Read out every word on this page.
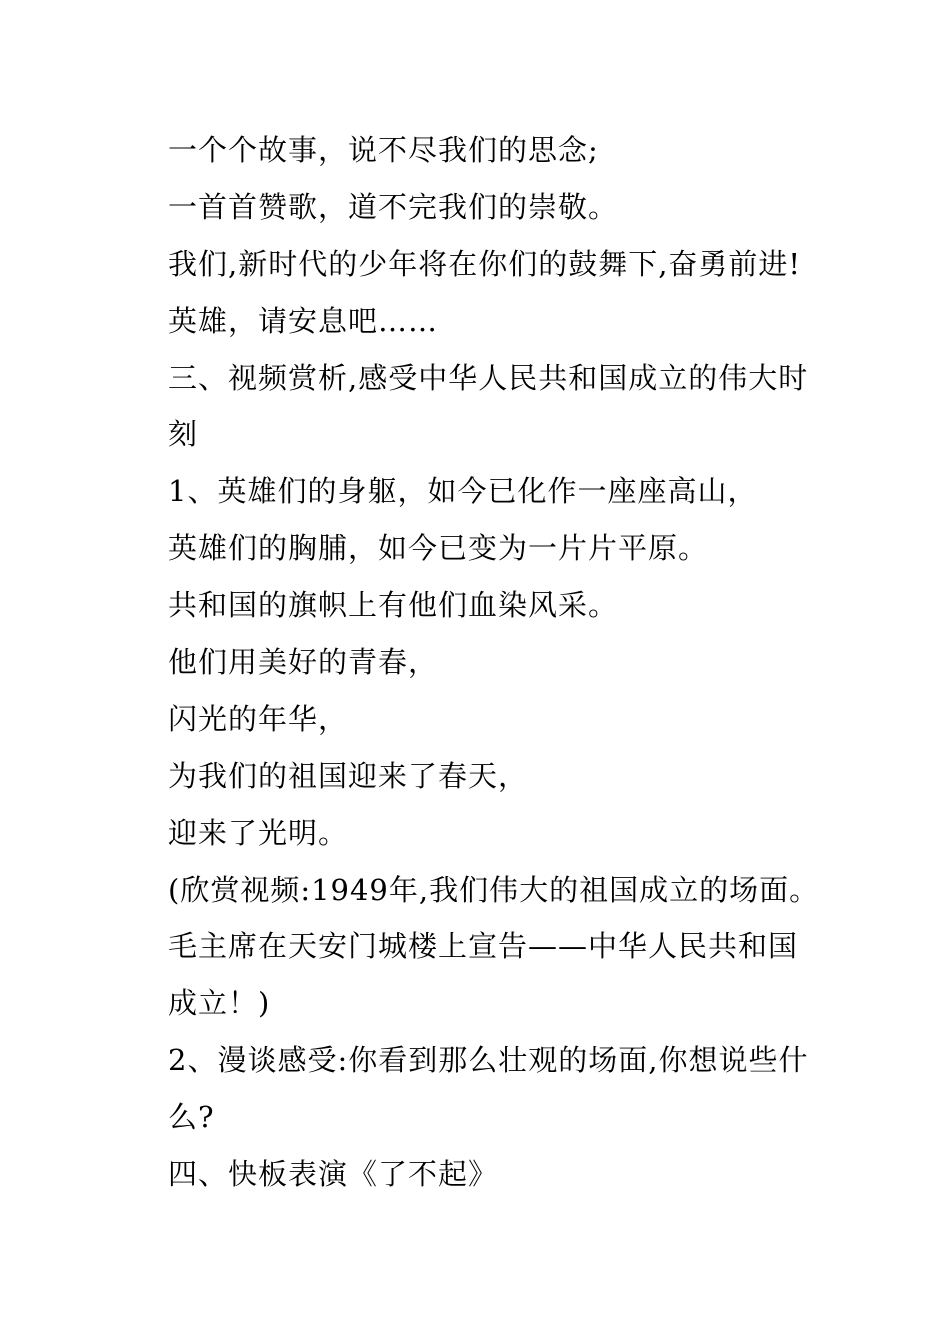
一个个故事，说不尽我们的思念;
一首首赞歌，道不完我们的崇敬。
我们,新时代的少年将在你们的鼓舞下,奋勇前进!
英雄，请安息吧……
三、视频赏析,感受中华人民共和国成立的伟大时
刻
1、英雄们的身躯，如今已化作一座座高山，
英雄们的胸脯，如今已变为一片片平原。
共和国的旗帜上有他们血染风采。
他们用美好的青春，
闪光的年华，
为我们的祖国迎来了春天，
迎来了光明。
(欣赏视频:1949年,我们伟大的祖国成立的场面。
毛主席在天安门城楼上宣告——中华人民共和国
成立！)
2、漫谈感受:你看到那么壮观的场面,你想说些什
么?
四、快板表演《了不起》
